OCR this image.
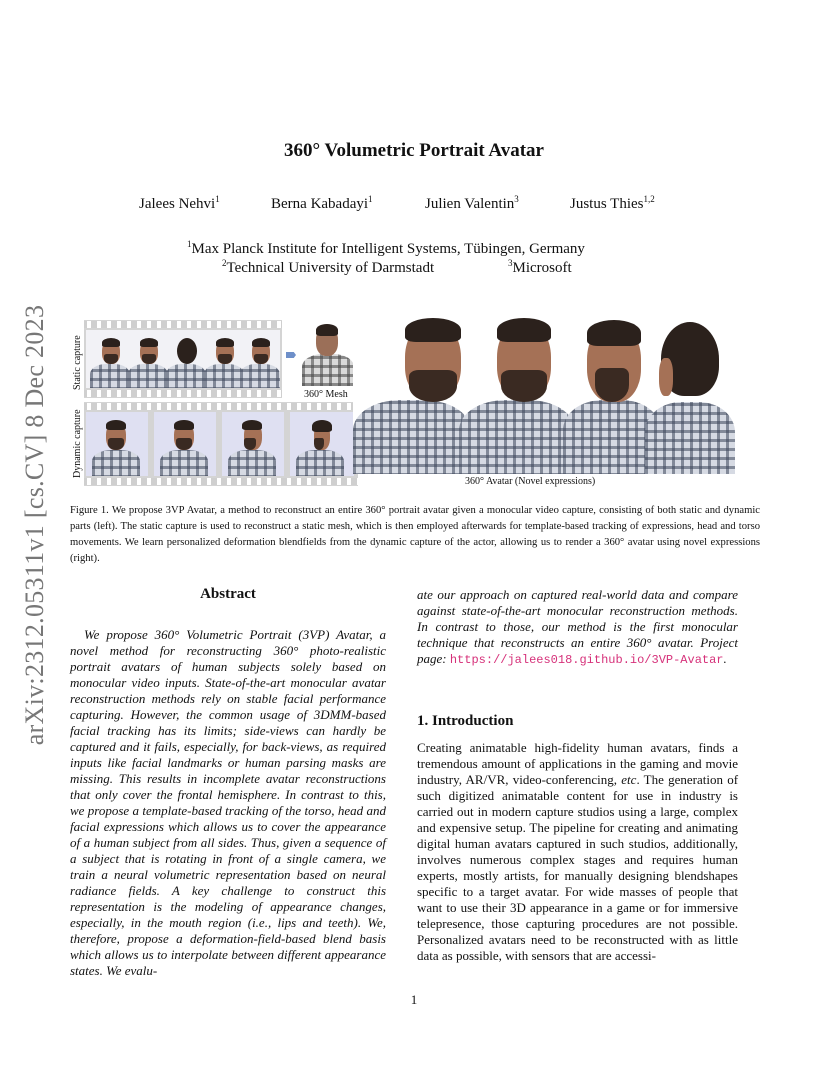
arXiv:2312.05311v1 [cs.CV] 8 Dec 2023
360° Volumetric Portrait Avatar
Jalees Nehvi$^1$	Berna Kabadayi$^1$	Julien Valentin$^3$	Justus Thies$^{1,2}$
$^1$Max Planck Institute for Intelligent Systems, Tübingen, Germany
$^2$Technical University of Darmstadt	$^3$Microsoft
Static capture
Dynamic capture
360° Mesh
360° Avatar (Novel expressions)
Figure 1. We propose 3VP Avatar, a method to reconstruct an entire 360° portrait avatar given a monocular video capture, consisting of both static and dynamic parts (left). The static capture is used to reconstruct a static mesh, which is then employed afterwards for template-based tracking of expressions, head and torso movements. We learn personalized deformation blendfields from the dynamic capture of the actor, allowing us to render a 360° avatar using novel expressions (right).
Abstract
We propose 360° Volumetric Portrait (3VP) Avatar, a novel method for reconstructing 360° photo-realistic portrait avatars of human subjects solely based on monocular video inputs. State-of-the-art monocular avatar reconstruction methods rely on stable facial performance capturing. However, the common usage of 3DMM-based facial tracking has its limits; side-views can hardly be captured and it fails, especially, for back-views, as required inputs like facial landmarks or human parsing masks are missing. This results in incomplete avatar reconstructions that only cover the frontal hemisphere. In contrast to this, we propose a template-based tracking of the torso, head and facial expressions which allows us to cover the appearance of a human subject from all sides. Thus, given a sequence of a subject that is rotating in front of a single camera, we train a neural volumetric representation based on neural radiance fields. A key challenge to construct this representation is the modeling of appearance changes, especially, in the mouth region (i.e., lips and teeth). We, therefore, propose a deformation-field-based blend basis which allows us to interpolate between different appearance states. We evalu-
ate our approach on captured real-world data and compare against state-of-the-art monocular reconstruction methods. In contrast to those, our method is the first monocular technique that reconstructs an entire 360° avatar. Project page: https://jalees018.github.io/3VP-Avatar.
1. Introduction
Creating animatable high-fidelity human avatars, finds a tremendous amount of applications in the gaming and movie industry, AR/VR, video-conferencing, etc. The generation of such digitized animatable content for use in industry is carried out in modern capture studios using a large, complex and expensive setup. The pipeline for creating and animating digital human avatars captured in such studios, additionally, involves numerous complex stages and requires human experts, mostly artists, for manually designing blendshapes specific to a target avatar. For wide masses of people that want to use their 3D appearance in a game or for immersive telepresence, those capturing procedures are not possible. Personalized avatars need to be reconstructed with as little data as possible, with sensors that are accessi-
1
